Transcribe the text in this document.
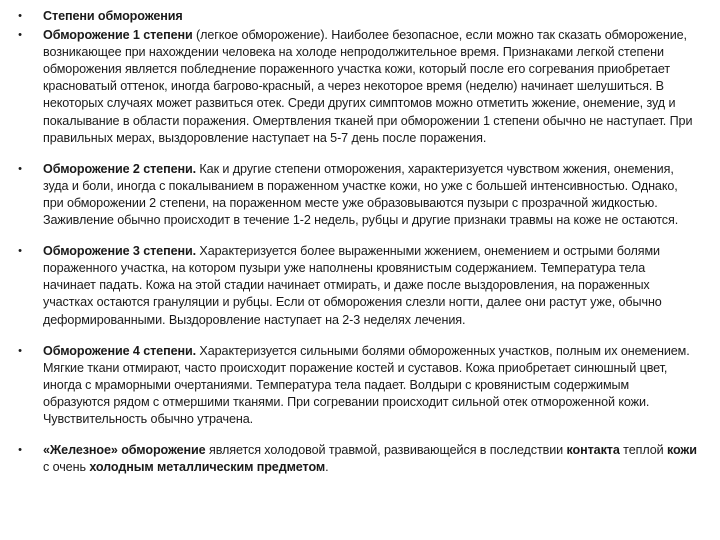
• Степени обморожения
• Обморожение 1 степени (легкое обморожение). Наиболее безопасное, если можно так сказать обморожение, возникающее при нахождении человека на холоде непродолжительное время. Признаками легкой степени обморожения является побледнение пораженного участка кожи, который после его согревания приобретает красноватый оттенок, иногда багрово-красный, а через некоторое время (неделю) начинает шелушиться. В некоторых случаях может развиться отек. Среди других симптомов можно отметить жжение, онемение, зуд и покалывание в области поражения. Омертвления тканей при обморожении 1 степени обычно не наступает. При правильных мерах, выздоровление наступает на 5-7 день после поражения.
• Обморожение 2 степени. Как и другие степени отморожения, характеризуется чувством жжения, онемения, зуда и боли, иногда с покалыванием в пораженном участке кожи, но уже с большей интенсивностью. Однако, при обморожении 2 степени, на пораженном месте уже образовываются пузыри с прозрачной жидкостью. Заживление обычно происходит в течение 1-2 недель, рубцы и другие признаки травмы на коже не остаются.
• Обморожение 3 степени. Характеризуется более выраженными жжением, онемением и острыми болями пораженного участка, на котором пузыри уже наполнены кровянистым содержанием. Температура тела начинает падать. Кожа на этой стадии начинает отмирать, и даже после выздоровления, на пораженных участках остаются грануляции и рубцы. Если от обморожения слезли ногти, далее они растут уже, обычно деформированными. Выздоровление наступает на 2-3 неделях лечения.
• Обморожение 4 степени. Характеризуется сильными болями обмороженных участков, полным их онемением. Мягкие ткани отмирают, часто происходит поражение костей и суставов. Кожа приобретает синюшный цвет, иногда с мраморными очертаниями. Температура тела падает. Волдыри с кровянистым содержимым образуются рядом с отмершими тканями. При согревании происходит сильной отек отмороженной кожи. Чувствительность обычно утрачена.
• «Железное» обморожение является холодовой травмой, развивающейся в последствии контакта теплой кожи с очень холодным металлическим предметом.
